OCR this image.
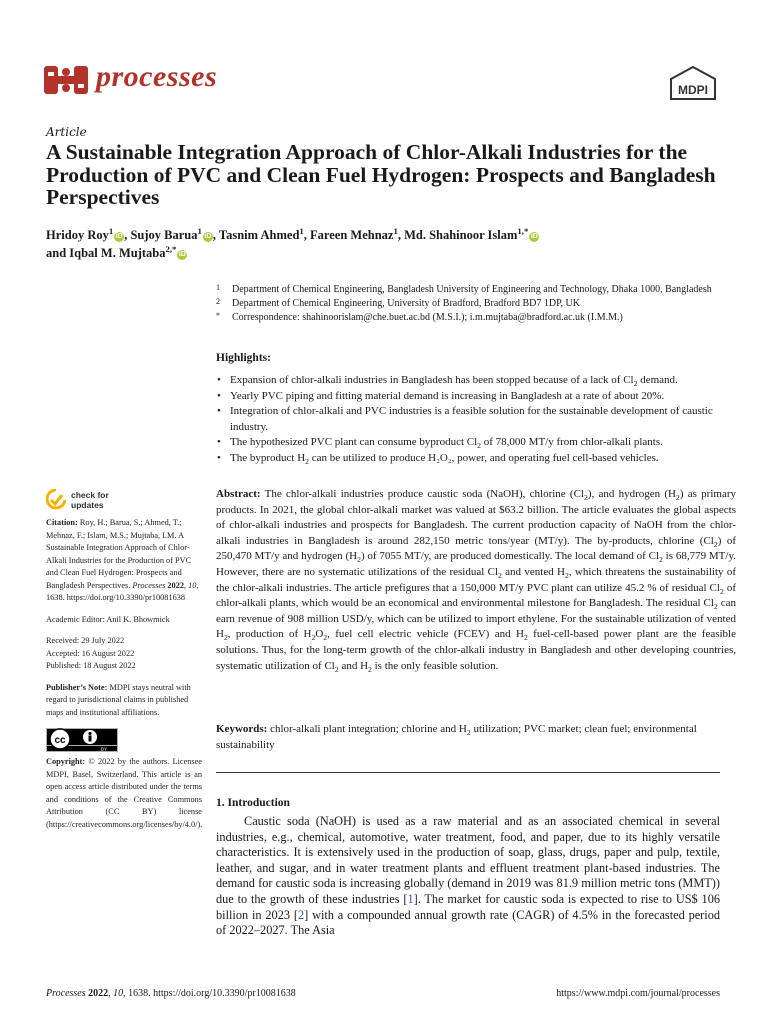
processes	MDPI
Article
A Sustainable Integration Approach of Chlor-Alkali Industries for the Production of PVC and Clean Fuel Hydrogen: Prospects and Bangladesh Perspectives
Hridoy Roy$^1$iD , Sujoy Barua$^1$iD , Tasnim Ahmed$^1$, Fareen Mehnaz$^1$, Md. Shahinoor Islam$^{1,*}$iD
and Iqbal M. Mujtaba$^{2,*}$iD
1 Department of Chemical Engineering, Bangladesh University of Engineering and Technology, Dhaka 1000, Bangladesh
2 Department of Chemical Engineering, University of Bradford, Bradford BD7 1DP, UK
* Correspondence: shahinoorislam@che.buet.ac.bd (M.S.I.); i.m.mujtaba@bradford.ac.uk (I.M.M.)
Highlights:
• Expansion of chlor-alkali industries in Bangladesh has been stopped because of a lack of $Cl_2$ demand.
• Yearly PVC piping and fitting material demand is increasing in Bangladesh at a rate of about 20%.
• Integration of chlor-alkali and PVC industries is a feasible solution for the sustainable development of caustic industry.
• The hypothesized PVC plant can consume byproduct $Cl_2$ of 78,000 MT/y from chlor-alkali plants.
• The byproduct $H_2$ can be utilized to produce H₂O₂, power, and operating fuel cell-based vehicles.
check for
updates
Citation: Roy, H.; Barua, S.; Ahmed, T.; Mehnaz, F.; Islam, M.S.; Mujtaba, I.M. A Sustainable Integration Approach of Chlor-Alkali Industries for the Production of PVC and Clean Fuel Hydrogen: Prospects and Bangladesh Perspectives. Processes 2022, 10, 1638. https://doi.org/10.3390/pr10081638
Academic Editor: Anil K. Bhowmick
Received: 29 July 2022
Accepted: 16 August 2022
Published: 18 August 2022
Publisher’s Note: MDPI stays neutral with regard to jurisdictional claims in published maps and institutional affiliations.
cc
BY
Copyright: © 2022 by the authors. Licensee MDPI, Basel, Switzerland. This article is an open access article distributed under the terms and conditions of the Creative Commons Attribution (CC BY) license (https://creativecommons.org/licenses/by/4.0/).
Abstract: The chlor-alkali industries produce caustic soda (NaOH), chlorine $(Cl_2)$, and hydrogen $(H_2)$ as primary products. In 2021, the global chlor-alkali market was valued at $63.2 billion. The article evaluates the global aspects of chlor-alkali industries and prospects for Bangladesh. The current production capacity of NaOH from the chlor-alkali industries in Bangladesh is around 282,150 metric tons/year (MT/y). The by-products, chlorine $(Cl_2)$ of 250,470 MT/y and hydrogen $(H_2)$ of 7055 MT/y, are produced domestically. The local demand of $Cl_2$ is 68,779 MT/y. However, there are no systematic utilizations of the residual $Cl_2$ and vented $H_2$, which threatens the sustainability of the chlor-alkali industries. The article prefigures that a 150,000 MT/y PVC plant can utilize 45.2 % of residual $Cl_2$ of chlor-alkali plants, which would be an economical and environmental milestone for Bangladesh. The residual $Cl_2$ can earn revenue of 908 million USD/y, which can be utilized to import ethylene. For the sustainable utilization of vented $H_2$, production of $H_2O_2$, fuel cell electric vehicle (FCEV) and $H_2$ fuel-cell-based power plant are the feasible solutions. Thus, for the long-term growth of the chlor-alkali industry in Bangladesh and other developing countries, systematic utilization of $Cl_2$ and $H_2$ is the only feasible solution.
Keywords: chlor-alkali plant integration; chlorine and $H_2$ utilization; PVC market; clean fuel; environmental sustainability
1. Introduction

Caustic soda (NaOH) is used as a raw material and as an associated chemical in several industries, e.g., chemical, automotive, water treatment, food, and paper, due to its highly versatile characteristics. It is extensively used in the production of soap, glass, drugs, paper and pulp, textile, leather, and sugar, and in water treatment plants and effluent treatment plant-based industries. The demand for caustic soda is increasing globally (demand in 2019 was 81.9 million metric tons (MMT)) due to the growth of these industries [1]. The market for caustic soda is expected to rise to US$ 106 billion in 2023 [2] with a compounded annual growth rate (CAGR) of 4.5% in the forecasted period of 2022–2027. The Asia

Processes 2022, 10, 1638. https://doi.org/10.3390/pr10081638	https://www.mdpi.com/journal/processes
